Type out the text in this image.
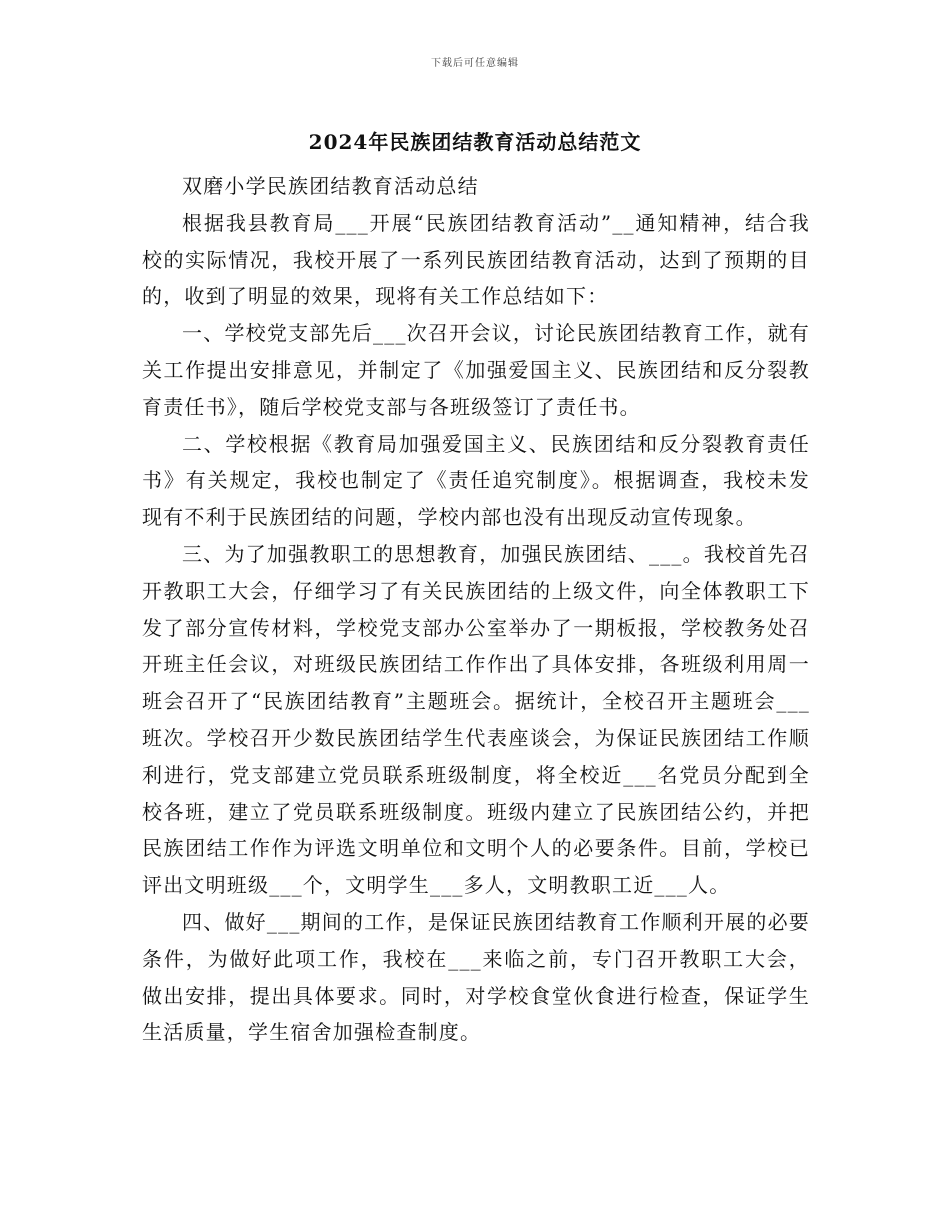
下载后可任意编辑
2024年民族团结教育活动总结范文

双磨小学民族团结教育活动总结

根据我县教育局___开展“民族团结教育活动”__通知精神，结合我校的实际情况，我校开展了一系列民族团结教育活动，达到了预期的目的，收到了明显的效果，现将有关工作总结如下：

一、学校党支部先后___次召开会议，讨论民族团结教育工作，就有关工作提出安排意见，并制定了《加强爱国主义、民族团结和反分裂教育责任书》，随后学校党支部与各班级签订了责任书。

二、学校根据《教育局加强爱国主义、民族团结和反分裂教育责任书》有关规定，我校也制定了《责任追究制度》。根据调查，我校未发现有不利于民族团结的问题，学校内部也没有出现反动宣传现象。

三、为了加强教职工的思想教育，加强民族团结、___。我校首先召开教职工大会，仔细学习了有关民族团结的上级文件，向全体教职工下发了部分宣传材料，学校党支部办公室举办了一期板报，学校教务处召开班主任会议，对班级民族团结工作作出了具体安排，各班级利用周一班会召开了“民族团结教育”主题班会。据统计，全校召开主题班会___班次。学校召开少数民族团结学生代表座谈会，为保证民族团结工作顺利进行，党支部建立党员联系班级制度，将全校近___名党员分配到全校各班，建立了党员联系班级制度。班级内建立了民族团结公约，并把民族团结工作作为评选文明单位和文明个人的必要条件。目前，学校已评出文明班级___个，文明学生___多人，文明教职工近___人。

四、做好___期间的工作，是保证民族团结教育工作顺利开展的必要条件，为做好此项工作，我校在___来临之前，专门召开教职工大会，做出安排，提出具体要求。同时，对学校食堂伙食进行检查，保证学生生活质量，学生宿舍加强检查制度。
